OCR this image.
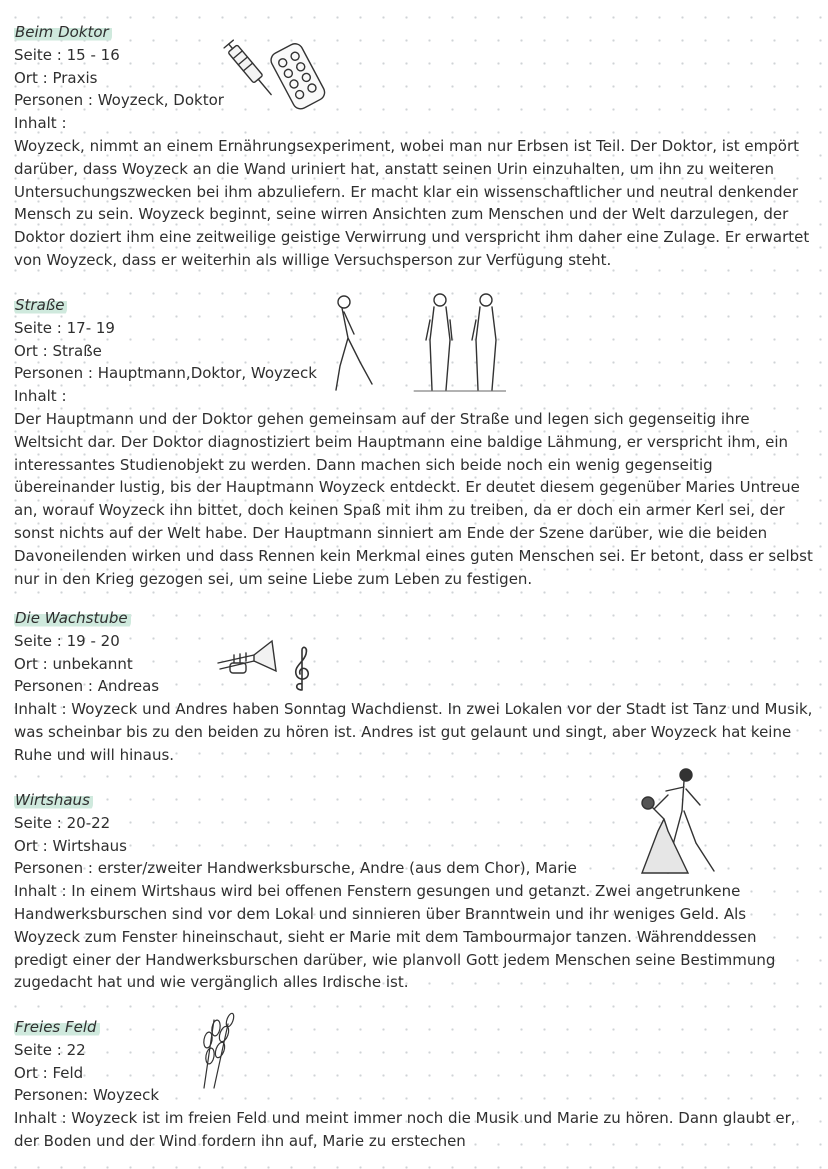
Beim Doktor
Seite : 15 - 16
Ort : Praxis
Personen : Woyzeck, Doktor
Inhalt :
Woyzeck, nimmt an einem Ernährungsexperiment, wobei man nur Erbsen ist Teil. Der Doktor, ist empört darüber, dass Woyzeck an die Wand uriniert hat, anstatt seinen Urin einzuhalten, um ihn zu weiteren Untersuchungszwecken bei ihm abzuliefern. Er macht klar ein wissenschaftlicher und neutral denkender Mensch zu sein. Woyzeck beginnt, seine wirren Ansichten zum Menschen und der Welt darzulegen, der Doktor doziert ihm eine zeitweilige geistige Verwirrung und verspricht ihm daher eine Zulage. Er erwartet von Woyzeck, dass er weiterhin als willige Versuchsperson zur Verfügung steht.
Straße
Seite : 17- 19
Ort : Straße
Personen : Hauptmann,Doktor, Woyzeck
Inhalt :
Der Hauptmann und der Doktor gehen gemeinsam auf der Straße und legen sich gegenseitig ihre Weltsicht dar. Der Doktor diagnostiziert beim Hauptmann eine baldige Lähmung, er verspricht ihm, ein interessantes Studienobjekt zu werden. Dann machen sich beide noch ein wenig gegenseitig übereinander lustig, bis der Hauptmann Woyzeck entdeckt. Er deutet diesem gegenüber Maries Untreue an, worauf Woyzeck ihn bittet, doch keinen Spaß mit ihm zu treiben, da er doch ein armer Kerl sei, der sonst nichts auf der Welt habe. Der Hauptmann sinniert am Ende der Szene darüber, wie die beiden Davoneilenden wirken und dass Rennen kein Merkmal eines guten Menschen sei. Er betont, dass er selbst nur in den Krieg gezogen sei, um seine Liebe zum Leben zu festigen.
Die Wachstube
Seite : 19 - 20
Ort : unbekannt
Personen : Andreas
Inhalt : Woyzeck und Andres haben Sonntag Wachdienst. In zwei Lokalen vor der Stadt ist Tanz und Musik, was scheinbar bis zu den beiden zu hören ist. Andres ist gut gelaunt und singt, aber Woyzeck hat keine Ruhe und will hinaus.
Wirtshaus
Seite : 20-22
Ort : Wirtshaus
Personen : erster/zweiter Handwerksbursche, Andre (aus dem Chor), Marie
Inhalt : In einem Wirtshaus wird bei offenen Fenstern gesungen und getanzt. Zwei angetrunkene Handwerksburschen sind vor dem Lokal und sinnieren über Branntwein und ihr weniges Geld. Als Woyzeck zum Fenster hineinschaut, sieht er Marie mit dem Tambourmajor tanzen. Währenddessen predigt einer der Handwerksburschen darüber, wie planvoll Gott jedem Menschen seine Bestimmung zugedacht hat und wie vergänglich alles Irdische ist.
Freies Feld
Seite : 22
Ort : Feld
Personen: Woyzeck
Inhalt : Woyzeck ist im freien Feld und meint immer noch die Musik und Marie zu hören. Dann glaubt er, der Boden und der Wind fordern ihn auf, Marie zu erstechen
